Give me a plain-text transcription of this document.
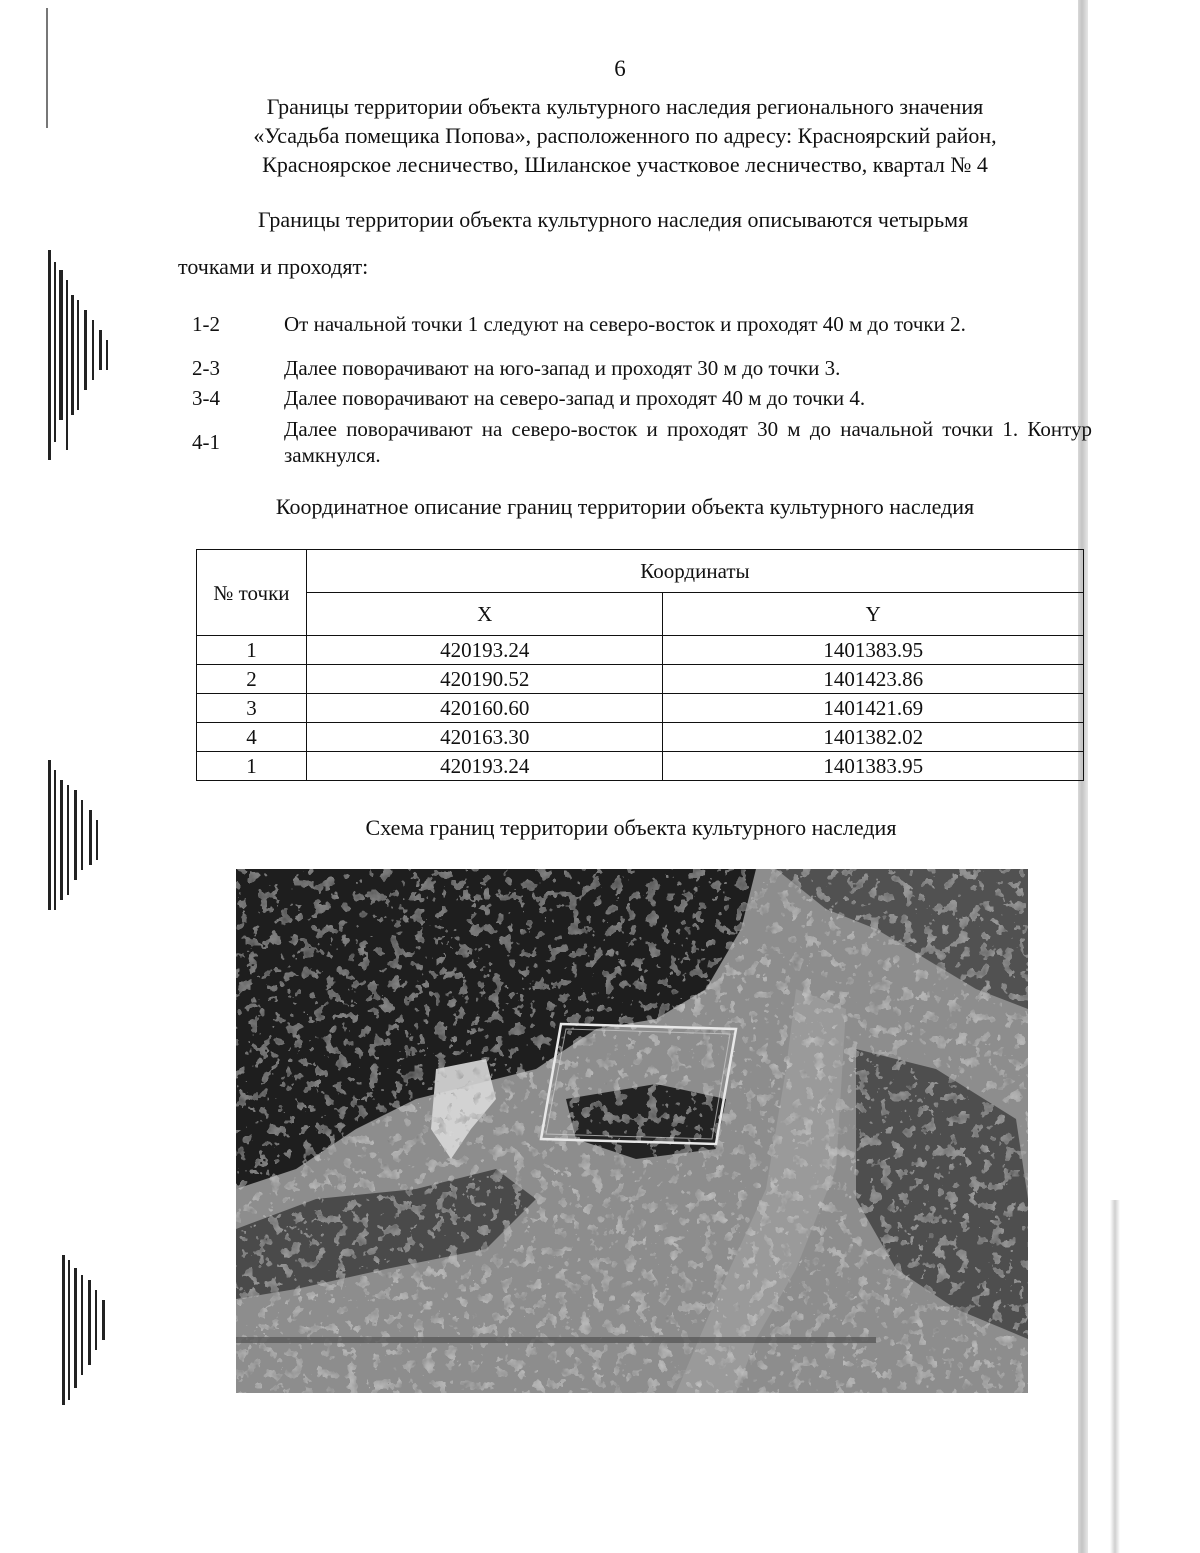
6
Границы территории объекта культурного наследия регионального значения
«Усадьба помещика Попова», расположенного по адресу: Красноярский район,
Красноярское лесничество, Шиланское участковое лесничество, квартал № 4
Границы территории объекта культурного наследия описываются четырьмя
точками и проходят:
1-2	От начальной точки 1 следуют на северо-восток и проходят 40 м до точки 2.
2-3	Далее поворачивают на юго-запад и проходят 30 м до точки 3.
3-4	Далее поворачивают на северо-запад и проходят 40 м до точки 4.
4-1	Далее поворачивают на северо-восток и проходят 30 м до начальной точки 1. Контур замкнулся.
Координатное описание границ территории объекта культурного наследия
№ точки	Координаты	
	X	Y
1	420193.24	1401383.95
2	420190.52	1401423.86
3	420160.60	1401421.69
4	420163.30	1401382.02
1	420193.24	1401383.95
Схема границ территории объекта культурного наследия
